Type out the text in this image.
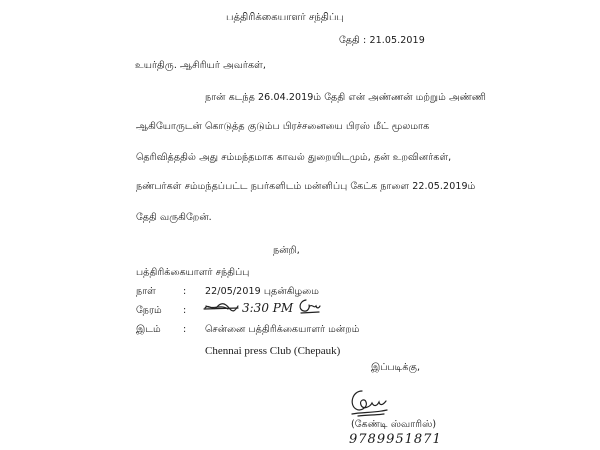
பத்திரிக்கையாளர் சந்திப்பு
தேதி : 21.05.2019
உயர்திரு. ஆசிரியர் அவர்கள்,
நான் கடந்த 26.04.2019ம் தேதி என் அண்ணன் மற்றும் அண்ணி
ஆகியோருடன் கொடுத்த குடும்ப பிரச்சனையை பிரஸ் மீட் மூலமாக
தெரிவித்ததில் அது சம்மந்தமாக காவல் துறையிடமும், தன் உறவினர்கள்,
நண்பர்கள் சம்மந்தப்பட்ட நபர்களிடம் மன்னிப்பு கேட்க நாளை 22.05.2019ம்
தேதி வருகிறேன்.
நன்றி,
பத்திரிக்கையாளர் சந்திப்பு
நாள்	: 22/05/2019 புதன்கிழமை
நேரம் :	3:30 PM
இடம் : சென்னை பத்திரிக்கையாளர் மன்றம்
Chennai press Club (Chepauk)
இப்படிக்கு,
(கேண்டி ஸ்வாரிஸ்)
9789951871
